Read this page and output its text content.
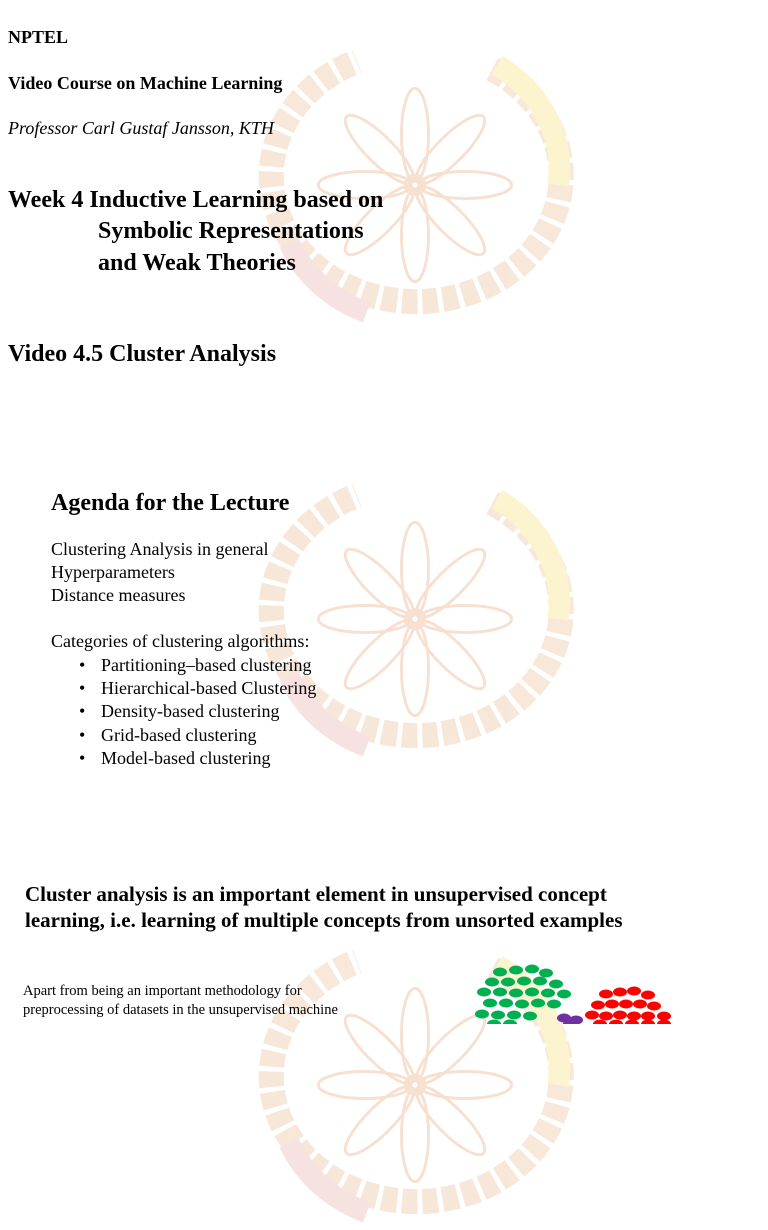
NPTEL
Video Course on Machine Learning
Professor Carl Gustaf Jansson, KTH
Week 4 Inductive Learning based on
Symbolic Representations
and Weak Theories
Video 4.5 Cluster Analysis
Agenda for the Lecture
Clustering Analysis in general
Hyperparameters
Distance measures
Categories of clustering algorithms:
• Partitioning–based clustering
• Hierarchical-based Clustering
• Density-based clustering
• Grid-based clustering
• Model-based clustering
Cluster analysis is an important element in unsupervised concept
learning, i.e. learning of multiple concepts from unsorted examples
Apart from being an important methodology for
preprocessing of datasets in the unsupervised machine
